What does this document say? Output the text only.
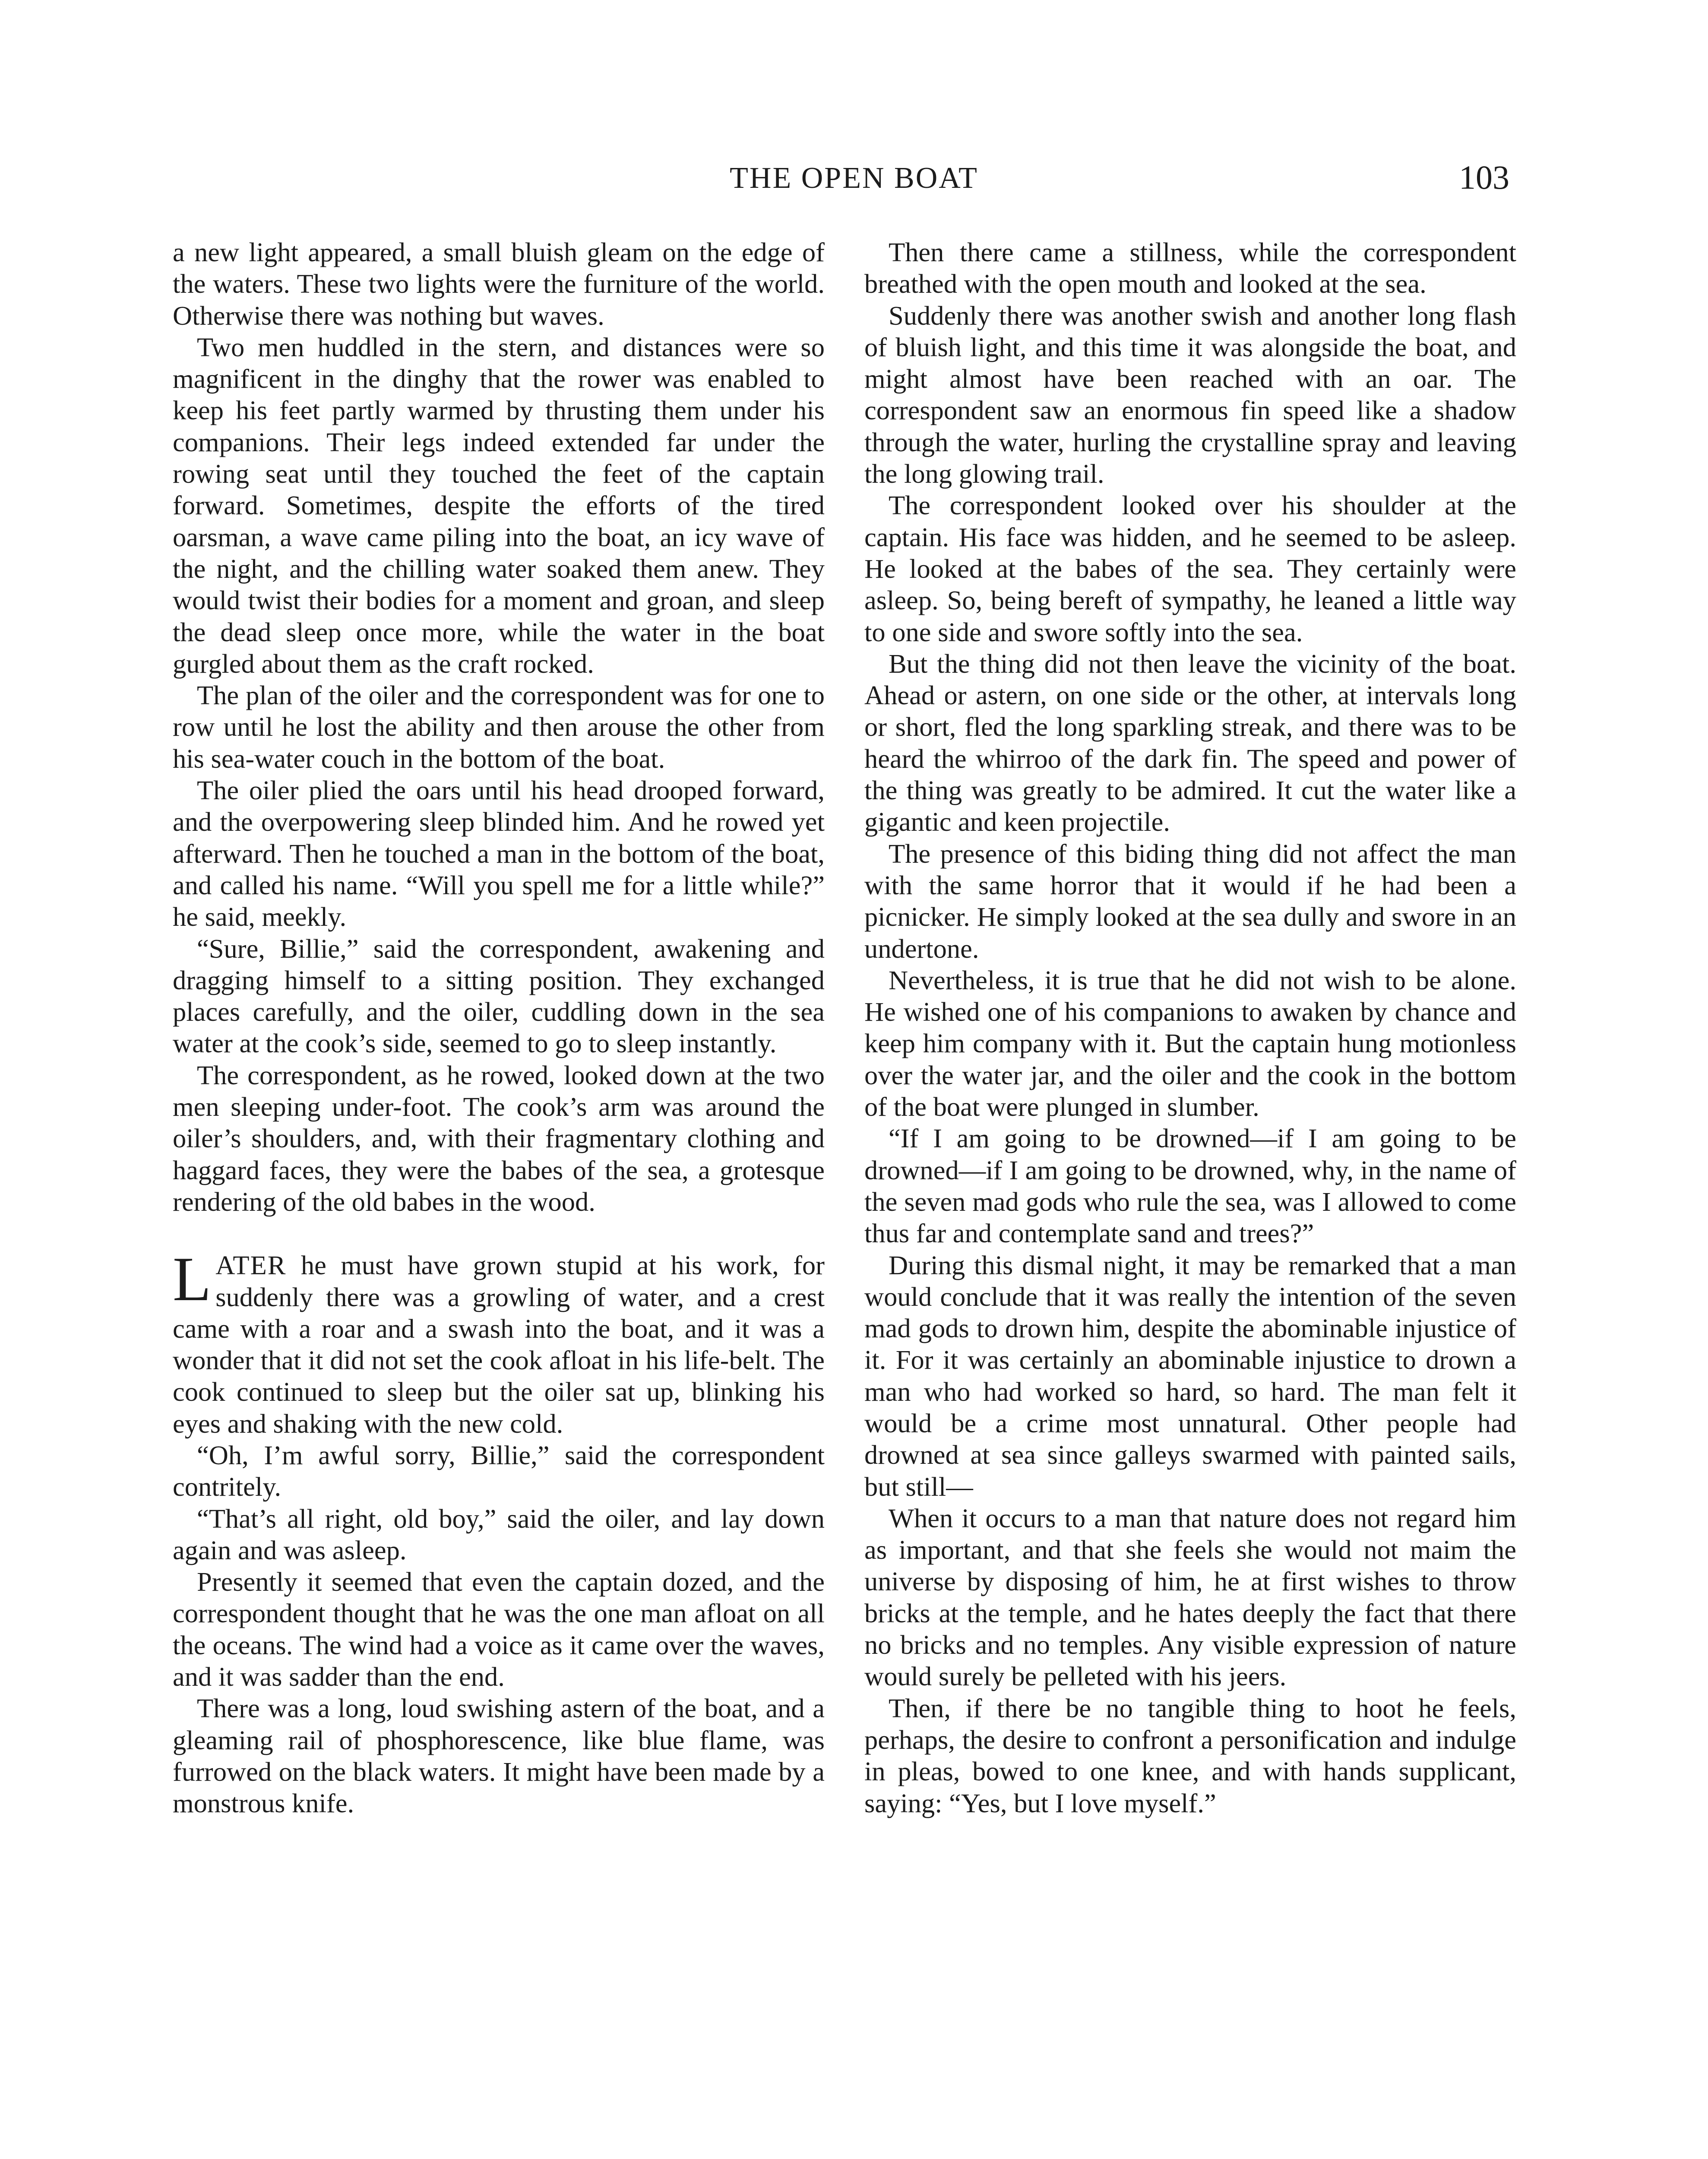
THE OPEN BOAT	103

a new light appeared, a small bluish gleam on the edge of the waters. These two lights were the furniture of the world. Otherwise there was nothing but waves.

Two men huddled in the stern, and distances were so magnificent in the dinghy that the rower was enabled to keep his feet partly warmed by thrusting them under his companions. Their legs indeed extended far under the rowing seat until they touched the feet of the captain forward. Sometimes, despite the efforts of the tired oarsman, a wave came piling into the boat, an icy wave of the night, and the chilling water soaked them anew. They would twist their bodies for a moment and groan, and sleep the dead sleep once more, while the water in the boat gurgled about them as the craft rocked.

The plan of the oiler and the correspondent was for one to row until he lost the ability and then arouse the other from his sea-water couch in the bottom of the boat.

The oiler plied the oars until his head drooped forward, and the overpowering sleep blinded him. And he rowed yet afterward. Then he touched a man in the bottom of the boat, and called his name. “Will you spell me for a little while?” he said, meekly.

“Sure, Billie,” said the correspondent, awakening and dragging himself to a sitting position. They exchanged places carefully, and the oiler, cuddling down in the sea water at the cook’s side, seemed to go to sleep instantly.

The correspondent, as he rowed, looked down at the two men sleeping under-foot. The cook’s arm was around the oiler’s shoulders, and, with their fragmentary clothing and haggard faces, they were the babes of the sea, a grotesque rendering of the old babes in the wood.

LATER he must have grown stupid at his work, for suddenly there was a growling of water, and a crest came with a roar and a swash into the boat, and it was a wonder that it did not set the cook afloat in his life-belt. The cook continued to sleep but the oiler sat up, blinking his eyes and shaking with the new cold.

“Oh, I’m awful sorry, Billie,” said the correspondent contritely.

“That’s all right, old boy,” said the oiler, and lay down again and was asleep.

Presently it seemed that even the captain dozed, and the correspondent thought that he was the one man afloat on all the oceans. The wind had a voice as it came over the waves, and it was sadder than the end.

There was a long, loud swishing astern of the boat, and a gleaming rail of phosphorescence, like blue flame, was furrowed on the black waters. It might have been made by a monstrous knife.

Then there came a stillness, while the correspondent breathed with the open mouth and looked at the sea.

Suddenly there was another swish and another long flash of bluish light, and this time it was alongside the boat, and might almost have been reached with an oar. The correspondent saw an enormous fin speed like a shadow through the water, hurling the crystalline spray and leaving the long glowing trail.

The correspondent looked over his shoulder at the captain. His face was hidden, and he seemed to be asleep. He looked at the babes of the sea. They certainly were asleep. So, being bereft of sympathy, he leaned a little way to one side and swore softly into the sea.

But the thing did not then leave the vicinity of the boat. Ahead or astern, on one side or the other, at intervals long or short, fled the long sparkling streak, and there was to be heard the whirroo of the dark fin. The speed and power of the thing was greatly to be admired. It cut the water like a gigantic and keen projectile.

The presence of this biding thing did not affect the man with the same horror that it would if he had been a picnicker. He simply looked at the sea dully and swore in an undertone.

Nevertheless, it is true that he did not wish to be alone. He wished one of his companions to awaken by chance and keep him company with it. But the captain hung motionless over the water jar, and the oiler and the cook in the bottom of the boat were plunged in slumber.

“If I am going to be drowned—if I am going to be drowned—if I am going to be drowned, why, in the name of the seven mad gods who rule the sea, was I allowed to come thus far and contemplate sand and trees?”

During this dismal night, it may be remarked that a man would conclude that it was really the intention of the seven mad gods to drown him, despite the abominable injustice of it. For it was certainly an abominable injustice to drown a man who had worked so hard, so hard. The man felt it would be a crime most unnatural. Other people had drowned at sea since galleys swarmed with painted sails, but still—

When it occurs to a man that nature does not regard him as important, and that she feels she would not maim the universe by disposing of him, he at first wishes to throw bricks at the temple, and he hates deeply the fact that there no bricks and no temples. Any visible expression of nature would surely be pelleted with his jeers.

Then, if there be no tangible thing to hoot he feels, perhaps, the desire to confront a personification and indulge in pleas, bowed to one knee, and with hands supplicant, saying: “Yes, but I love myself.”
